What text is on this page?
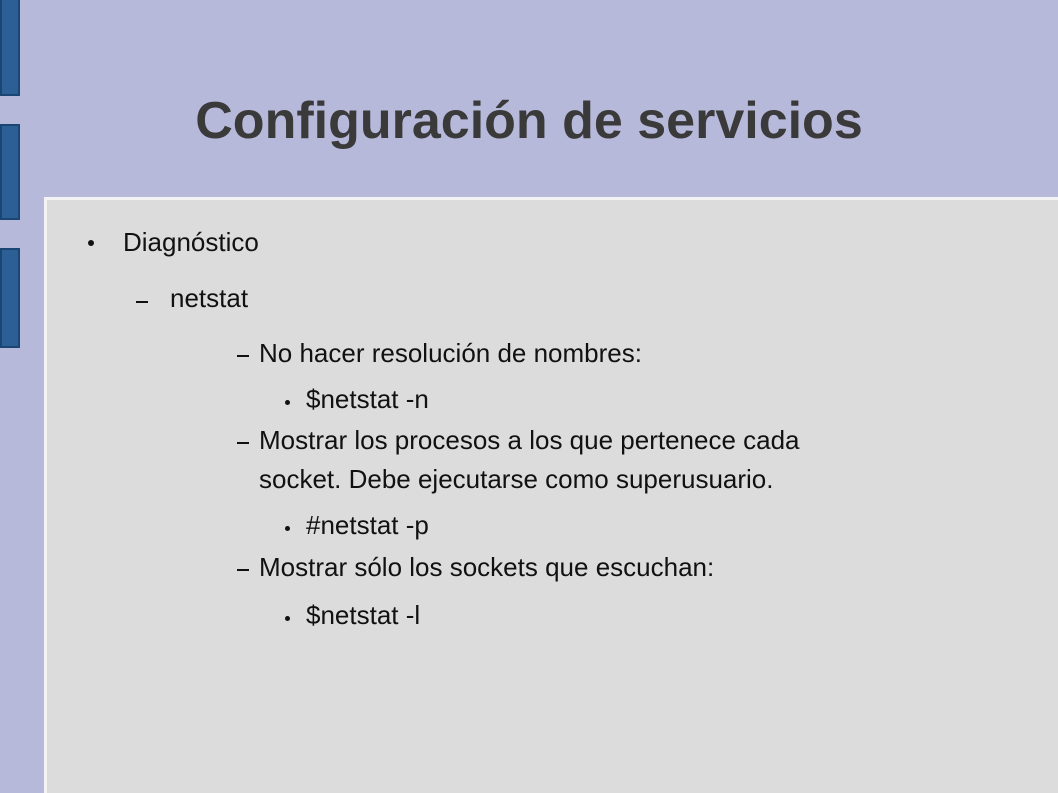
Configuración de servicios
Diagnóstico
netstat
No hacer resolución de nombres:
$netstat -n
Mostrar los procesos a los que pertenece cada
socket. Debe ejecutarse como superusuario.
#netstat -p
Mostrar sólo los sockets que escuchan:
$netstat -l
